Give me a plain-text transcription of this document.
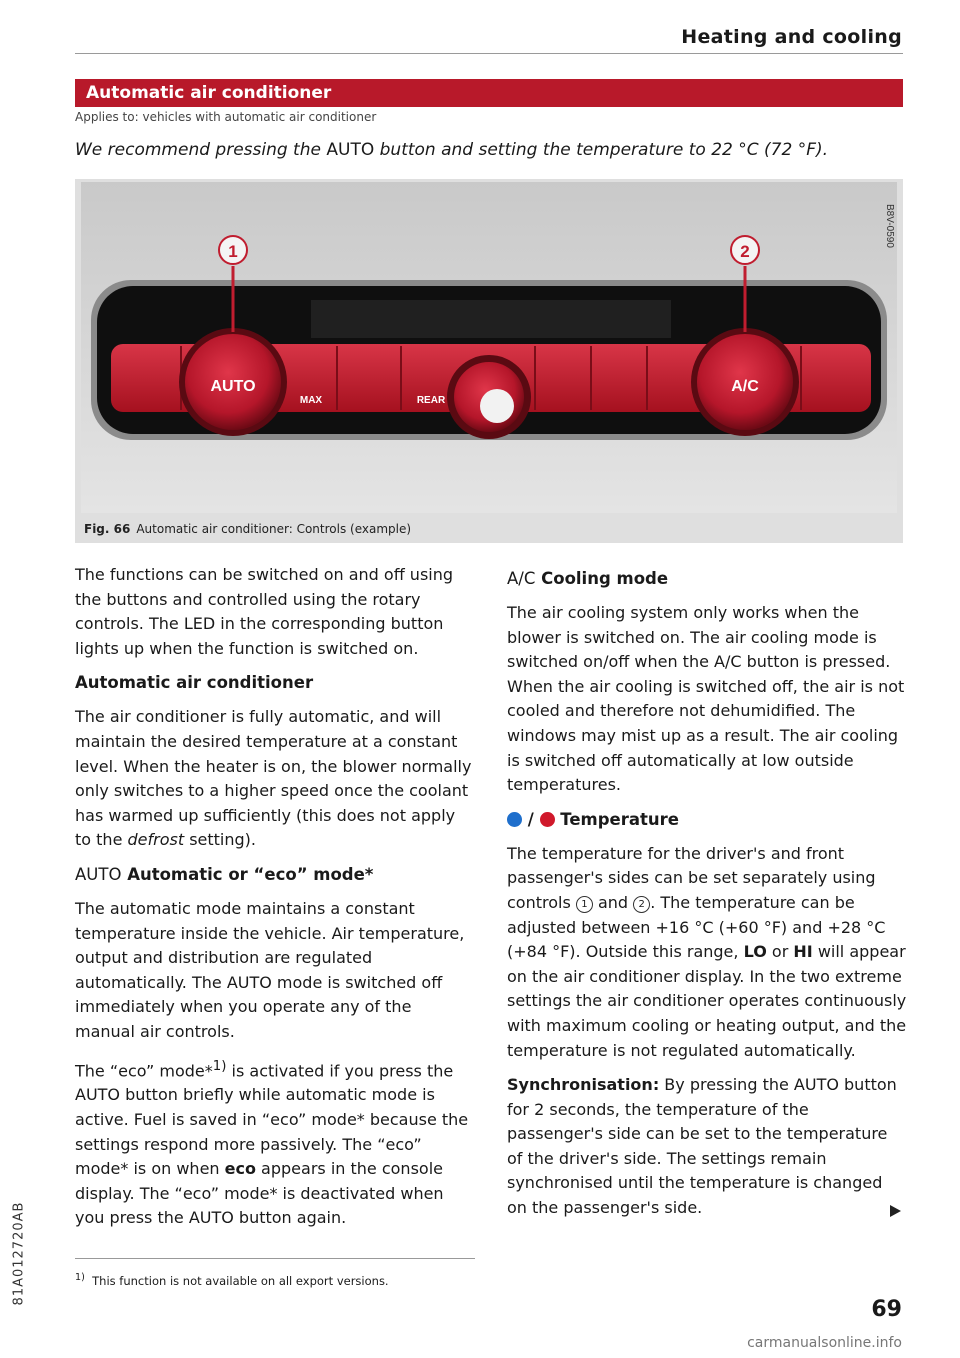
Heating and cooling
Automatic air conditioner
Applies to: vehicles with automatic air conditioner
We recommend pressing the AUTO button and setting the temperature to 22 °C (72 °F).
AUTO	A/C
MAX	REAR
1	2
B8V-0590
Fig. 66 Automatic air conditioner: Controls (example)

The functions can be switched on and off using the buttons and controlled using the rotary controls. The LED in the corresponding button lights up when the function is switched on.

Automatic air conditioner

The air conditioner is fully automatic, and will maintain the desired temperature at a constant level. When the heater is on, the blower normally only switches to a higher speed once the coolant has warmed up sufficiently (this does not apply to the defrost setting).

AUTO Automatic or “eco” mode*

The automatic mode maintains a constant temperature inside the vehicle. Air temperature, output and distribution are regulated automatically. The AUTO mode is switched off immediately when you operate any of the manual air controls.

The “eco” mode*$^{1)}$ is activated if you press the AUTO button briefly while automatic mode is active. Fuel is saved in “eco” mode* because the settings respond more passively. The “eco” mode* is on when eco appears in the console display. The “eco” mode* is deactivated when you press the AUTO button again.

A/C Cooling mode

The air cooling system only works when the blower is switched on. The air cooling mode is switched on/off when the A/C button is pressed. When the air cooling is switched off, the air is not cooled and therefore not dehumidified. The windows may mist up as a result. The air cooling is switched off automatically at low outside temperatures.

/ Temperature

The temperature for the driver's and front passenger's sides can be set separately using controls 1 and 2 . The temperature can be adjusted between +16 °C (+60 °F) and +28 °C (+84 °F). Outside this range, LO or HI will appear on the air conditioner display. In the two extreme settings the air conditioner operates continuously with maximum cooling or heating output, and the temperature is not regulated automatically.

Synchronisation: By pressing the AUTO button for 2 seconds, the temperature of the passenger's side can be set to the temperature of the driver's side. The settings remain synchronised until the temperature is changed on the passenger's side.

$^{1)}$ This function is not available on all export versions.
81A012720AB
69
carmanualsonline.info
